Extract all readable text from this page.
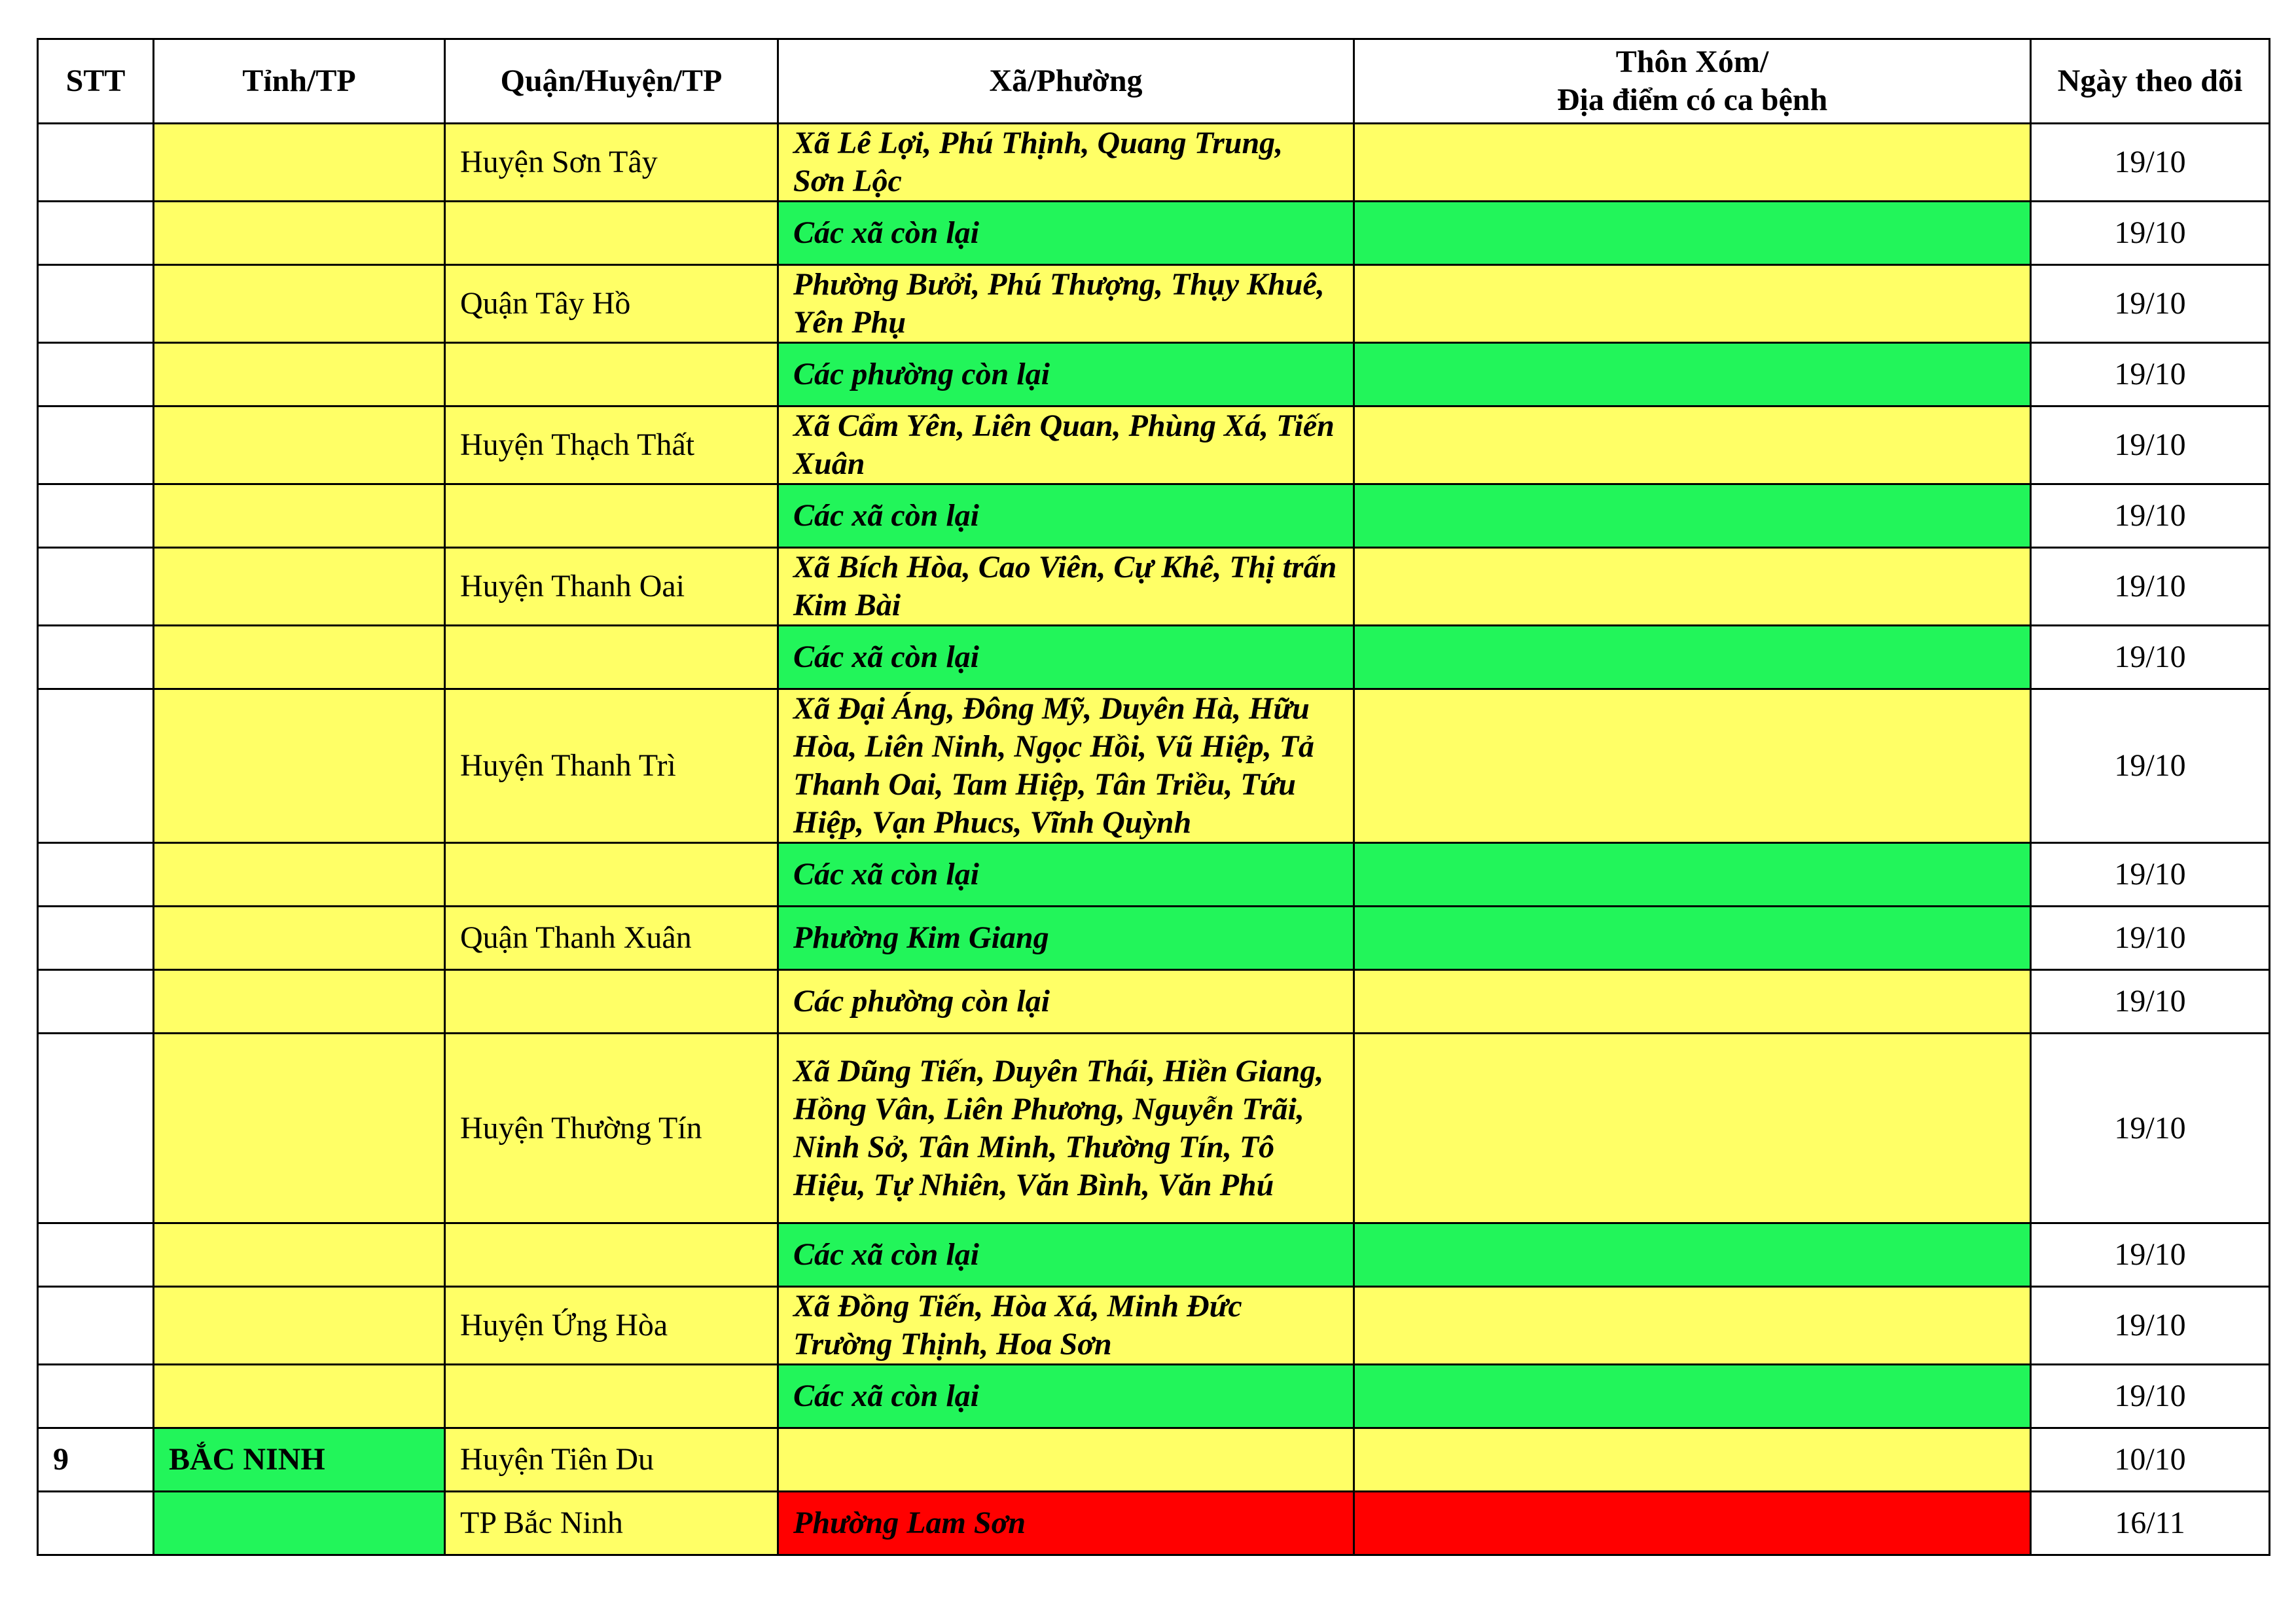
STT	Tỉnh/TP	Quận/Huyện/TP	Xã/Phường	Thôn Xóm/
Địa điểm có ca bệnh	Ngày theo dõi
		Huyện Sơn Tây	Xã Lê Lợi, Phú Thịnh, Quang Trung, Sơn Lộc		19/10
			Các xã còn lại		19/10
		Quận Tây Hồ	Phường Bưởi, Phú Thượng, Thụy Khuê, Yên Phụ		19/10
			Các phường còn lại		19/10
		Huyện Thạch Thất	Xã Cẩm Yên, Liên Quan, Phùng Xá, Tiến Xuân		19/10
			Các xã còn lại		19/10
		Huyện Thanh Oai	Xã Bích Hòa, Cao Viên, Cự Khê, Thị trấn Kim Bài		19/10
			Các xã còn lại		19/10
		Huyện Thanh Trì	Xã Đại Áng, Đông Mỹ, Duyên Hà, Hữu Hòa, Liên Ninh, Ngọc Hồi, Vũ Hiệp, Tả Thanh Oai, Tam Hiệp, Tân Triều, Tứu Hiệp, Vạn Phucs, Vĩnh Quỳnh		19/10
			Các xã còn lại		19/10
		Quận Thanh Xuân	Phường Kim Giang		19/10
			Các phường còn lại		19/10
		Huyện Thường Tín	Xã Dũng Tiến, Duyên Thái, Hiền Giang, Hồng Vân, Liên Phương, Nguyễn Trãi, Ninh Sở, Tân Minh, Thường Tín, Tô Hiệu, Tự Nhiên, Văn Bình, Văn Phú		19/10
			Các xã còn lại		19/10
		Huyện Ứng Hòa	Xã Đồng Tiến, Hòa Xá, Minh Đức Trường Thịnh, Hoa Sơn		19/10
			Các xã còn lại		19/10
9	BẮC NINH	Huyện Tiên Du			10/10
		TP Bắc Ninh	Phường Lam Sơn		16/11
